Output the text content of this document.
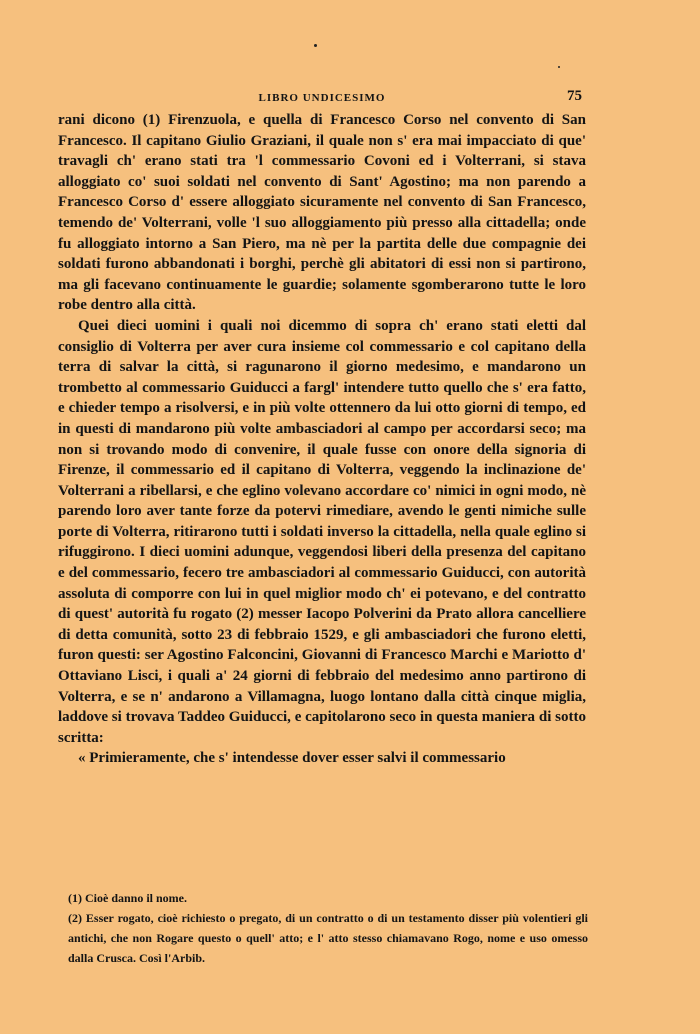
LIBRO UNDICESIMO	75

rani dicono (1) Firenzuola, e quella di Francesco Corso nel convento di San Francesco. Il capitano Giulio Graziani, il quale non s' era mai impacciato di que' travagli ch' erano stati tra 'l commessario Covoni ed i Volterrani, si stava alloggiato co' suoi soldati nel convento di Sant' Agostino; ma non parendo a Francesco Corso d' essere alloggiato sicuramente nel convento di San Francesco, temendo de' Volterrani, volle 'l suo alloggiamento più presso alla cittadella; onde fu alloggiato intorno a San Piero, ma nè per la partita delle due compagnie dei soldati furono abbandonati i borghi, perchè gli abitatori di essi non si partirono, ma gli facevano continuamente le guardie; solamente sgomberarono tutte le loro robe dentro alla città.

Quei dieci uomini i quali noi dicemmo di sopra ch' erano stati eletti dal consiglio di Volterra per aver cura insieme col commessario e col capitano della terra di salvar la città, si ragunarono il giorno medesimo, e mandarono un trombetto al commessario Guiducci a fargl' intendere tutto quello che s' era fatto, e chieder tempo a risolversi, e in più volte ottennero da lui otto giorni di tempo, ed in questi di mandarono più volte ambasciadori al campo per accordarsi seco; ma non si trovando modo di convenire, il quale fusse con onore della signoria di Firenze, il commessario ed il capitano di Volterra, veggendo la inclinazione de' Volterrani a ribellarsi, e che eglino volevano accordare co' nimici in ogni modo, nè parendo loro aver tante forze da potervi rimediare, avendo le genti nimiche sulle porte di Volterra, ritirarono tutti i soldati inverso la cittadella, nella quale eglino si rifuggirono. I dieci uomini adunque, veggendosi liberi della presenza del capitano e del commessario, fecero tre ambasciadori al commessario Guiducci, con autorità assoluta di comporre con lui in quel miglior modo ch' ei potevano, e del contratto di quest' autorità fu rogato (2) messer Iacopo Polverini da Prato allora cancelliere di detta comunità, sotto 23 di febbraio 1529, e gli ambasciadori che furono eletti, furon questi: ser Agostino Falconcini, Giovanni di Francesco Marchi e Mariotto d' Ottaviano Lisci, i quali a' 24 giorni di febbraio del medesimo anno partirono di Volterra, e se n' andarono a Villamagna, luogo lontano dalla città cinque miglia, laddove si trovava Taddeo Guiducci, e capitolarono seco in questa maniera di sotto scritta:

« Primieramente, che s' intendesse dover esser salvi il commessario

(1) Cioè danno il nome.

(2) Esser rogato, cioè richiesto o pregato, di un contratto o di un testamento disser più volentieri gli antichi, che non Rogare questo o quell' atto; e l' atto stesso chiamavano Rogo, nome e uso omesso dalla Crusca. Così l'Arbib.
